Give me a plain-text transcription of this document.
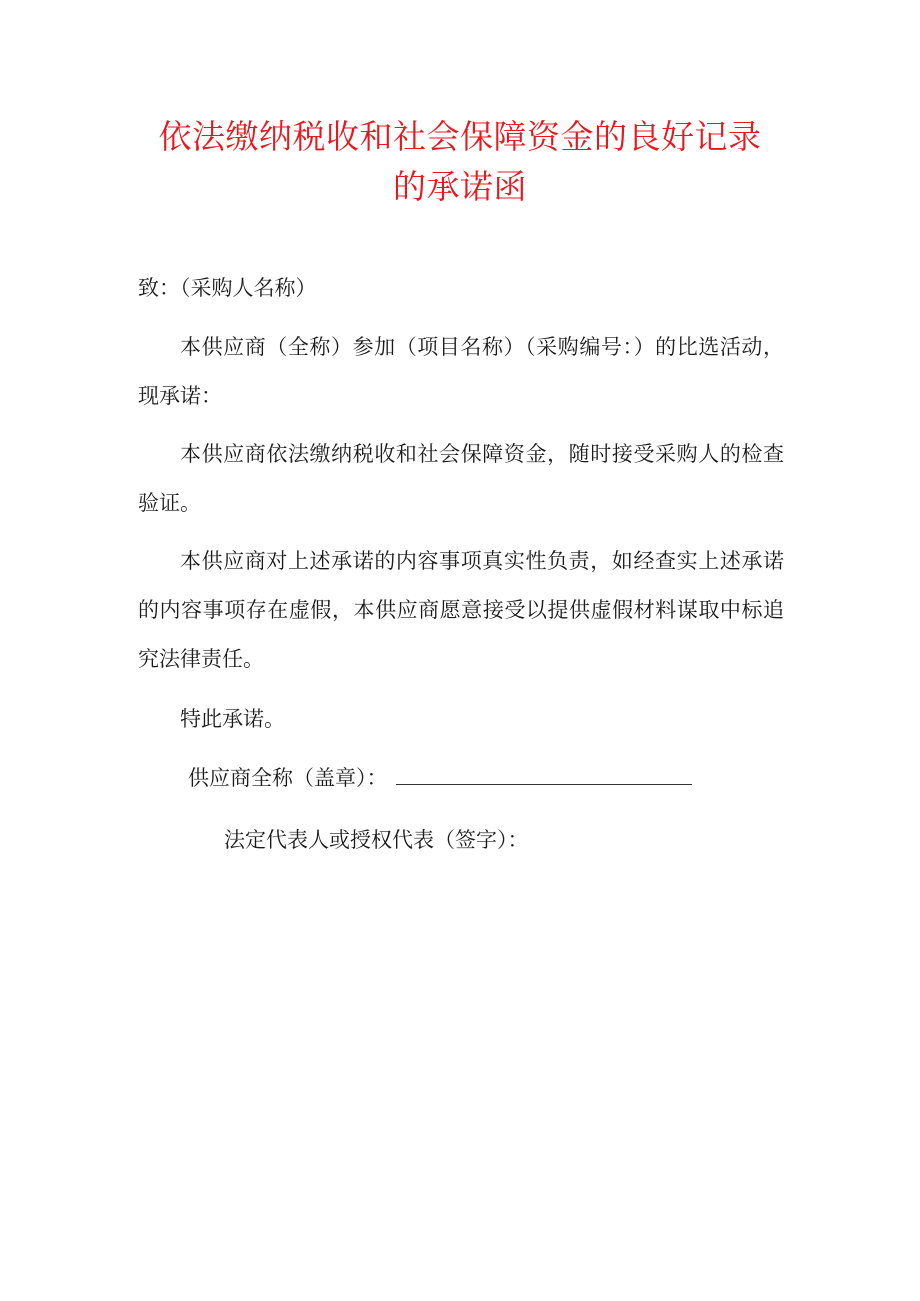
依法缴纳税收和社会保障资金的良好记录
的承诺函
致：（采购人名称）
本供应商（全称）参加（项目名称）（采购编号：）的比选活动，现承诺：
本供应商依法缴纳税收和社会保障资金，随时接受采购人的检查验证。
本供应商对上述承诺的内容事项真实性负责，如经查实上述承诺的内容事项存在虚假，本供应商愿意接受以提供虚假材料谋取中标追究法律责任。
特此承诺。
供应商全称（盖章）：
法定代表人或授权代表（签字）：
